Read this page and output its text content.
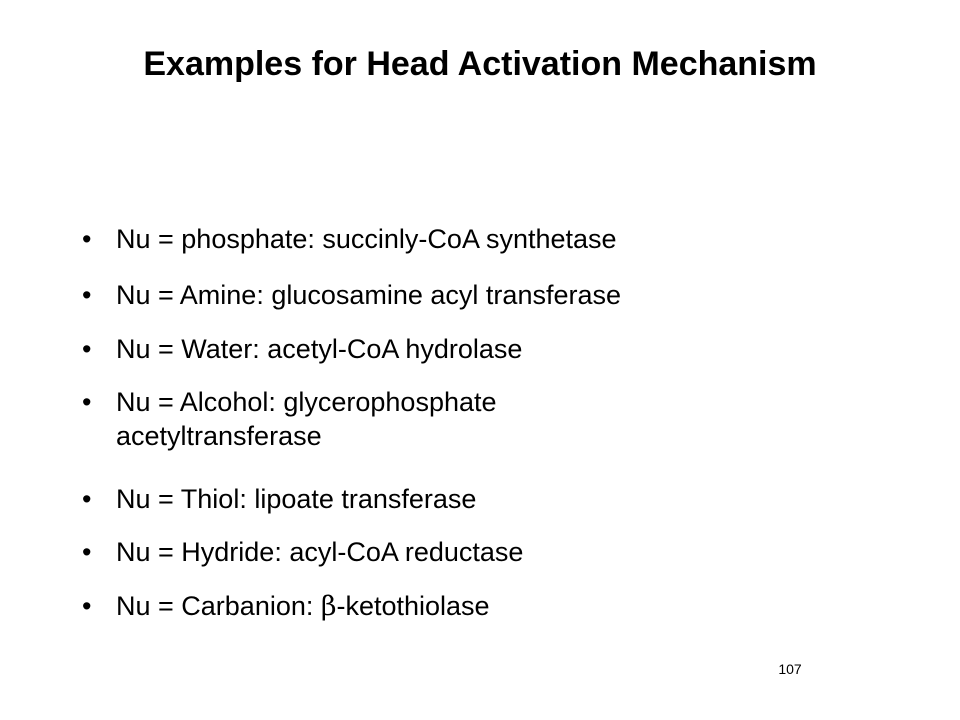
Examples for Head Activation Mechanism
• Nu = phosphate: succinly-CoA synthetase
• Nu = Amine: glucosamine acyl transferase
• Nu = Water: acetyl-CoA hydrolase
• Nu = Alcohol: glycerophosphate acetyltransferase
• Nu = Thiol: lipoate transferase
• Nu = Hydride: acyl-CoA reductase
• Nu = Carbanion: β-ketothiolase
107
